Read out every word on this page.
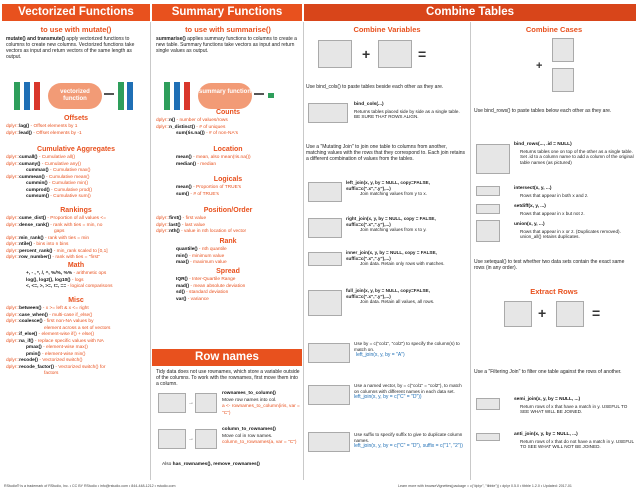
Vectorized Functions	Summary Functions	Combine Tables
to use with mutate()
mutate() and transmute() apply vectorized functions to columns to create new columns. Vectorized functions take vectors as input and return vectors of the same length as output.
vectorized function
Offsets
dplyr::lag() - Offset elements by 1
dplyr::lead() - Offset elements by -1
Cumulative Aggregates
dplyr::cumall() - Cumulative all()
dplyr::cumany() - Cumulative any()
cummax() - Cumulative max()
dplyr::cummean() - Cumulative mean()
cummin() - Cumulative min()
cumprod() - Cumulative prod()
cumsum() - Cumulative sum()
Rankings
dplyr::cume_dist() - Proportion of all values <=
dplyr::dense_rank() - rank with ties = min, no
gaps
dplyr::min_rank() - rank with ties = min
dplyr::ntile() - bins into n bins
dplyr::percent_rank() - min_rank scaled to [0,1]
dplyr::row_number() - rank with ties = "first"
Math
+, - , *, /, ^, %/%, %% - arithmetic ops
log(), log2(), log10() - logs
<, <=, >, >=, !=, == - logical comparisons
Misc
dplyr::between() - x >= left & x <= right
dplyr::case_when() - multi-case if_else()
dplyr::coalesce() - first non-NA values by
element across a set of vectors
dplyr::if_else() - element-wise if() + else()
dplyr::na_if() - replace specific values with NA
pmax() - element-wise max()
pmin() - element-wise min()
dplyr::recode() - Vectorized switch()
dplyr::recode_factor() - Vectorized switch() for
factors
to use with summarise()
summarise() applies summary functions to columns to create a new table. Summary functions take vectors as input and return single values as output.
summary function
Counts
dplyr::n() - number of values/rows
dplyr::n_distinct() - # of uniques
sum(!is.na()) - # of non-NA's
Location
mean() - mean, also mean(!is.na())
median() - median
Logicals
mean() - Proportion of TRUE's
sum() - # of TRUE's
Position/Order
dplyr::first() - first value
dplyr::last() - last value
dplyr::nth() - value in nth location of vector
Rank
quantile() - nth quantile
min() - minimum value
max() - maximum value
Spread
IQR() - Inter-Quartile Range
mad() - mean absolute deviation
sd() - standard deviation
var() - variance
Row names
Tidy data does not use rownames, which store a variable outside of the columns. To work with the rownames, first move them into a column.
→
rownames_to_column()
Move row names into col.
a <- rownames_to_column(iris, var = "C")
→
column_to_rownames()
Move col in row names.
column_to_rownames(a, var = "C")
Also has_rownames(), remove_rownames()
Combine Variables
+	=
Use bind_cols() to paste tables beside each other as they are.
bind_cols(...)
Returns tables placed side by side as a single table. BE SURE THAT ROWS ALIGN.
Use a "Mutating Join" to join one table to columns from another, matching values with the rows that they correspond to. Each join retains a different combination of values from the tables.
left_join(x, y, by = NULL, copy=FALSE, suffix=c(".x",".y"),...)
Join matching values from y to x.
right_join(x, y, by = NULL, copy = FALSE, suffix=c(".x",".y"),...)
Join matching values from x to y.
inner_join(x, y, by = NULL, copy = FALSE, suffix=c(".x",".y"),...)
Join data. Retain only rows with matches.
full_join(x, y, by = NULL, copy=FALSE, suffix=c(".x",".y"),...)
Join data. Retain all values, all rows.
Use by = c("col1", "col2") to specify the column(s) to match on.
left_join(x, y, by = "A")
Use a named vector, by = c("col1" = "col2"), to match on columns with different names in each data set.
left_join(x, y, by = c("C" = "D"))
Use suffix to specify suffix to give to duplicate column names.
left_join(x, y, by = c("C" = "D"), suffix = c("1", "2"))
Combine Cases
+
Use bind_rows() to paste tables below each other as they are.
bind_rows(..., .id = NULL)
Returns tables one on top of the other as a single table. Set .id to a column name to add a column of the original table names (as pictured)
intersect(x, y, ...)
Rows that appear in both x and z.
setdiff(x, y, ...)
Rows that appear in x but not z.
union(x, y, ...)
Rows that appear in x or z. (Duplicates removed). union_all() retains duplicates.
Use setequal() to test whether two data sets contain the exact same rows (in any order).
Extract Rows
+	=
Use a "Filtering Join" to filter one table against the rows of another.
semi_join(x, y, by = NULL, ...)
Return rows of x that have a match in y. USEFUL TO SEE WHAT WILL BE JOINED.
anti_join(x, y, by = NULL, ...)
Return rows of x that do not have a match in y. USEFUL TO SEE WHAT WILL NOT BE JOINED.
RStudio® is a trademark of RStudio, Inc. • CC BY RStudio • info@rstudio.com • 844-448-1212 • rstudio.com	Learn more with browseVignettes(package = c("dplyr", "tibble")) • dplyr 0.5.0 • tibble 1.2.0 • Updated: 2017-01
